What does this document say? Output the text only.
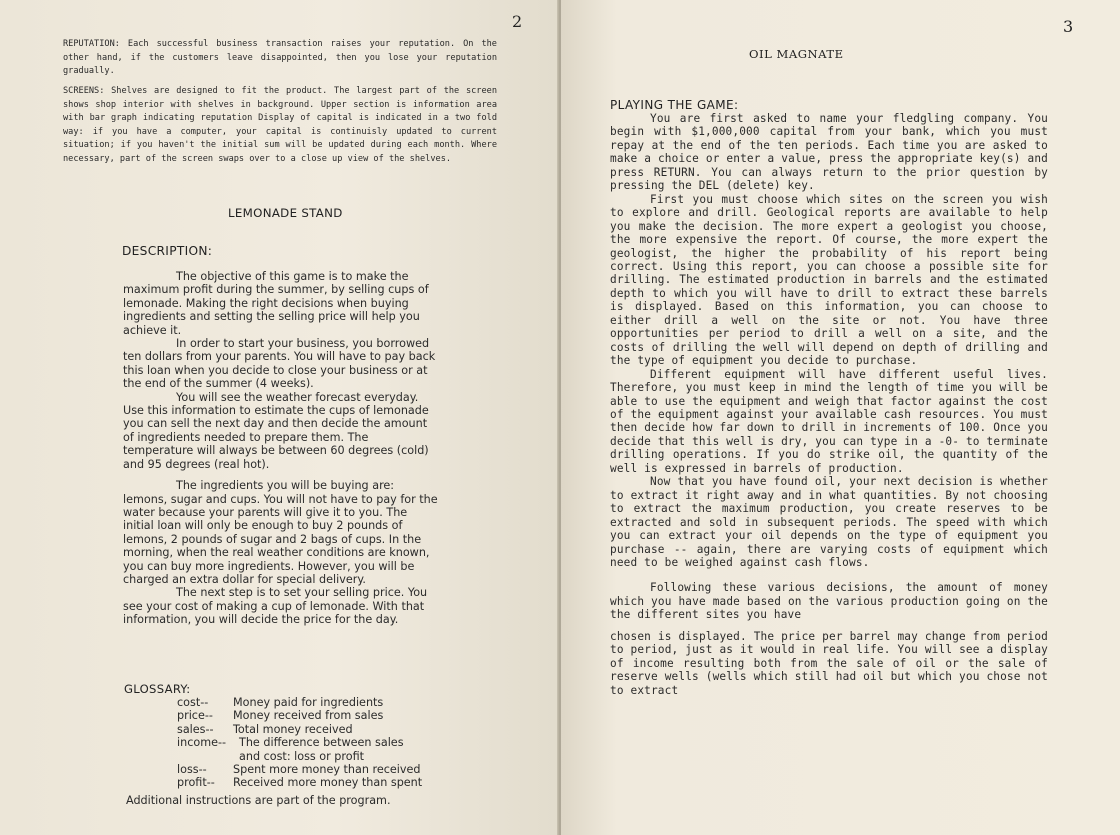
2
REPUTATION: Each successful business transaction raises your reputation. On the other hand, if the customers leave disappointed, then you lose your reputation gradually.
SCREENS: Shelves are designed to fit the product. The largest part of the screen shows shop interior with shelves in background. Upper section is information area with bar graph indicating reputation Display of capital is indicated in a two fold way: if you have a computer, your capital is continuisly updated to current situation; if you haven't the initial sum will be updated during each month. Where necessary, part of the screen swaps over to a close up view of the shelves.
LEMONADE STAND
DESCRIPTION:

The objective of this game is to make the maximum profit during the summer, by selling cups of lemonade. Making the right decisions when buying ingredients and setting the selling price will help you achieve it.

In order to start your business, you borrowed ten dollars from your parents. You will have to pay back this loan when you decide to close your business or at the end of the summer (4 weeks).

You will see the weather forecast everyday. Use this information to estimate the cups of lemonade you can sell the next day and then decide the amount of ingredients needed to prepare them. The temperature will always be between 60 degrees (cold) and 95 degrees (real hot).

The ingredients you will be buying are: lemons, sugar and cups. You will not have to pay for the water because your parents will give it to you. The initial loan will only be enough to buy 2 pounds of lemons, 2 pounds of sugar and 2 bags of cups. In the morning, when the real weather conditions are known, you can buy more ingredients. However, you will be charged an extra dollar for special delivery.

The next step is to set your selling price. You see your cost of making a cup of lemonade. With that information, you will decide the price for the day.

GLOSSARY:
cost--	Money paid for ingredients
price--	Money received from sales
sales--	Total money received
income--	The difference between sales and cost: loss or profit
loss--	Spent more money than received
profit--	Received more money than spent
Additional instructions are part of the program.
3
OIL MAGNATE
PLAYING THE GAME:

You are first asked to name your fledgling company. You begin with $1,000,000 capital from your bank, which you must repay at the end of the ten periods. Each time you are asked to make a choice or enter a value, press the appropriate key(s) and press RETURN. You can always return to the prior question by pressing the DEL (delete) key.

First you must choose which sites on the screen you wish to explore and drill. Geological reports are available to help you make the decision. The more expert a geologist you choose, the more expensive the report. Of course, the more expert the geologist, the higher the probability of his report being correct. Using this report, you can choose a possible site for drilling. The estimated production in barrels and the estimated depth to which you will have to drill to extract these barrels is displayed. Based on this information, you can choose to either drill a well on the site or not. You have three opportunities per period to drill a well on a site, and the costs of drilling the well will depend on depth of drilling and the type of equipment you decide to purchase.

Different equipment will have different useful lives. Therefore, you must keep in mind the length of time you will be able to use the equipment and weigh that factor against the cost of the equipment against your available cash resources. You must then decide how far down to drill in increments of 100. Once you decide that this well is dry, you can type in a -0- to terminate drilling operations. If you do strike oil, the quantity of the well is expressed in barrels of production.

Now that you have found oil, your next decision is whether to extract it right away and in what quantities. By not choosing to extract the maximum production, you create reserves to be extracted and sold in subsequent periods. The speed with which you can extract your oil depends on the type of equipment you purchase -- again, there are varying costs of equipment which need to be weighed against cash flows.

Following these various decisions, the amount of money which you have made based on the various production going on the the different sites you have

chosen is displayed. The price per barrel may change from period to period, just as it would in real life. You will see a display of income resulting both from the sale of oil or the sale of reserve wells (wells which still had oil but which you chose not to extract
